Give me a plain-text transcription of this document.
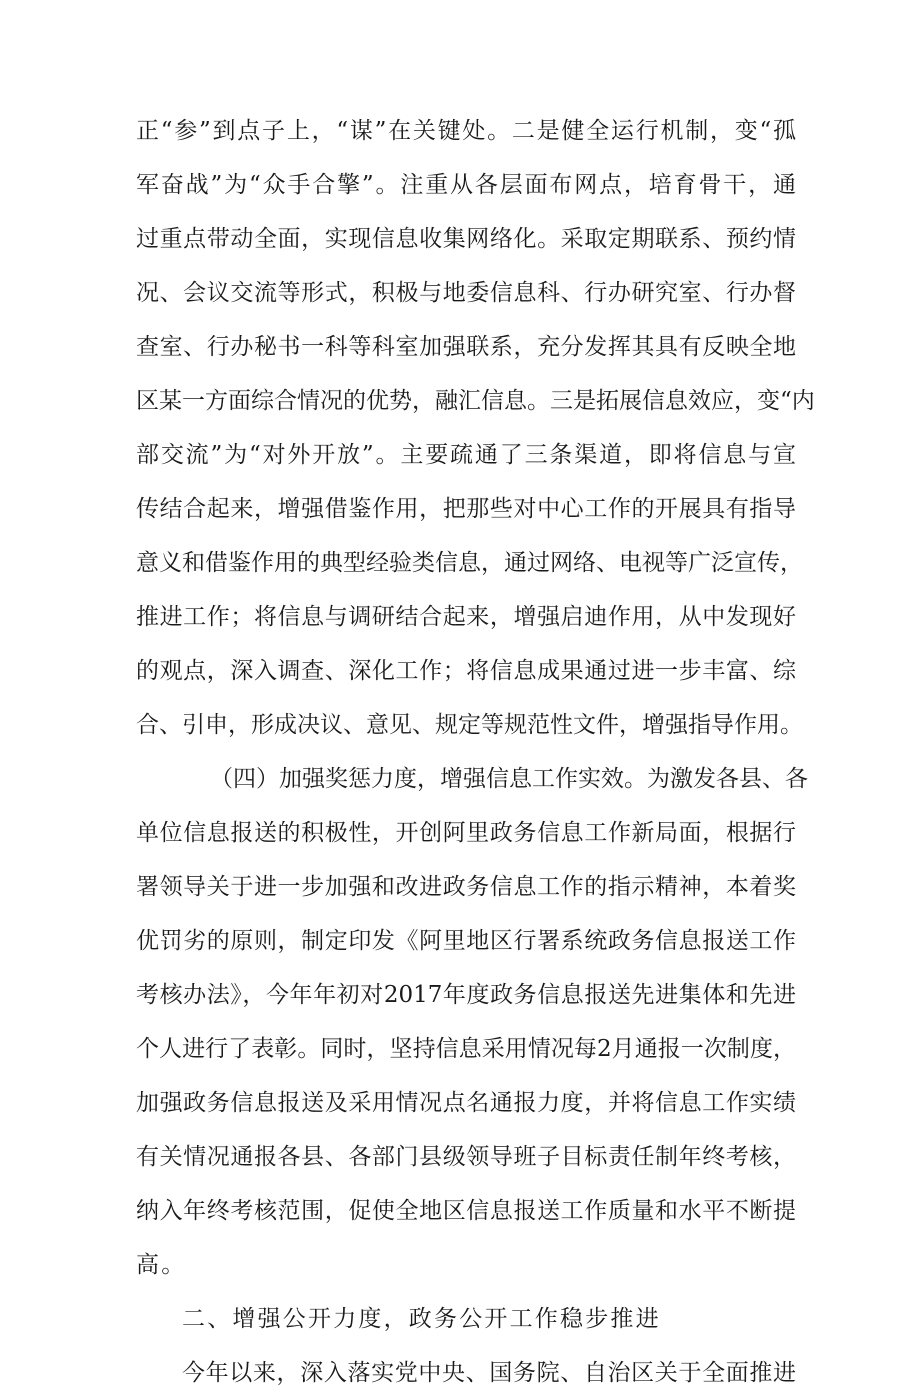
正“参”到点子上，“谋”在关键处。二是健全运行机制，变“孤
军奋战”为“众手合擎”。注重从各层面布网点，培育骨干，通
过重点带动全面，实现信息收集网络化。采取定期联系、预约情
况、会议交流等形式，积极与地委信息科、行办研究室、行办督
查室、行办秘书一科等科室加强联系，充分发挥其具有反映全地
区某一方面综合情况的优势，融汇信息。三是拓展信息效应，变“内
部交流”为“对外开放”。主要疏通了三条渠道，即将信息与宣
传结合起来，增强借鉴作用，把那些对中心工作的开展具有指导
意义和借鉴作用的典型经验类信息，通过网络、电视等广泛宣传，
推进工作；将信息与调研结合起来，增强启迪作用，从中发现好
的观点，深入调查、深化工作；将信息成果通过进一步丰富、综
合、引申，形成决议、意见、规定等规范性文件，增强指导作用。
（四）加强奖惩力度，增强信息工作实效。为激发各县、各
单位信息报送的积极性，开创阿里政务信息工作新局面，根据行
署领导关于进一步加强和改进政务信息工作的指示精神，本着奖
优罚劣的原则，制定印发《阿里地区行署系统政务信息报送工作
考核办法》，今年年初对2017年度政务信息报送先进集体和先进
个人进行了表彰。同时，坚持信息采用情况每2月通报一次制度，
加强政务信息报送及采用情况点名通报力度，并将信息工作实绩
有关情况通报各县、各部门县级领导班子目标责任制年终考核，
纳入年终考核范围，促使全地区信息报送工作质量和水平不断提
高。
二、增强公开力度，政务公开工作稳步推进
今年以来，深入落实党中央、国务院、自治区关于全面推进
